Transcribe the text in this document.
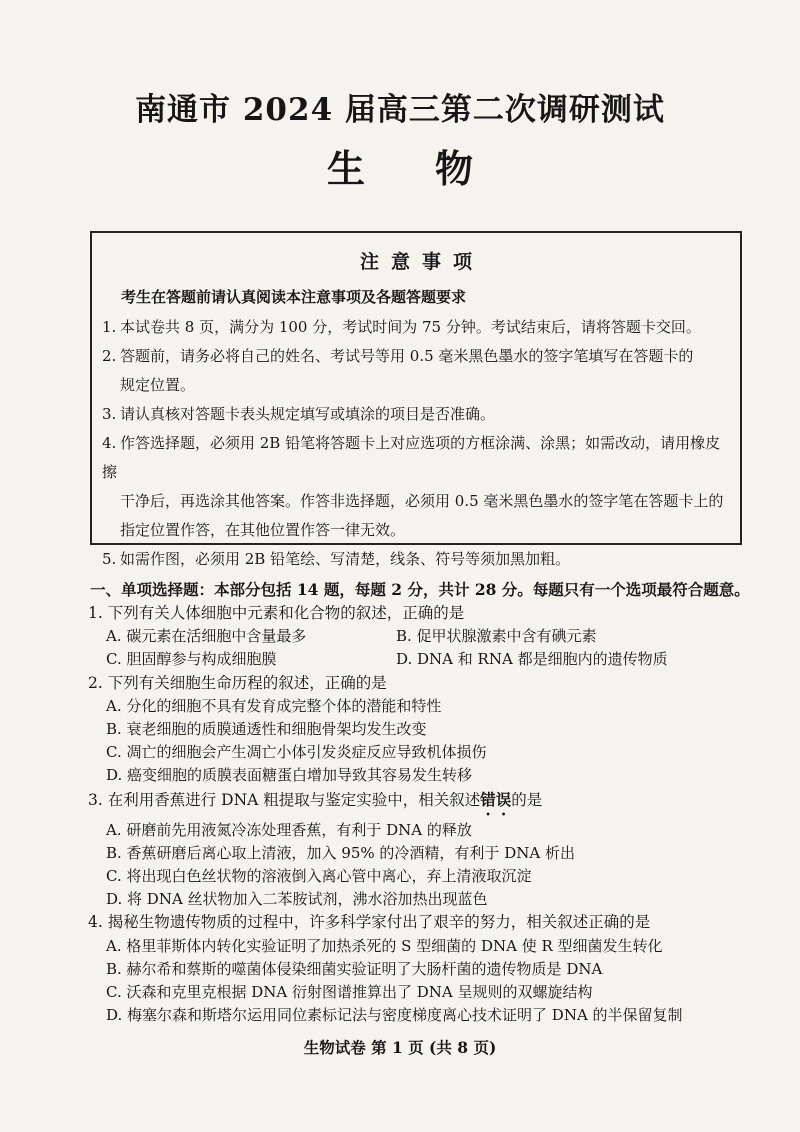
南通市 2024 届高三第二次调研测试
生物
注意事项
考生在答题前请认真阅读本注意事项及各题答题要求
1. 本试卷共 8 页，满分为 100 分，考试时间为 75 分钟。考试结束后，请将答题卡交回。
2. 答题前，请务必将自己的姓名、考试号等用 0.5 毫米黑色墨水的签字笔填写在答题卡的
规定位置。
3. 请认真核对答题卡表头规定填写或填涂的项目是否准确。
4. 作答选择题，必须用 2B 铅笔将答题卡上对应选项的方框涂满、涂黑；如需改动，请用橡皮擦
干净后，再选涂其他答案。作答非选择题，必须用 0.5 毫米黑色墨水的签字笔在答题卡上的
指定位置作答，在其他位置作答一律无效。
5. 如需作图，必须用 2B 铅笔绘、写清楚，线条、符号等须加黑加粗。
一、单项选择题：本部分包括 14 题，每题 2 分，共计 28 分。每题只有一个选项最符合题意。
1. 下列有关人体细胞中元素和化合物的叙述，正确的是
A. 碳元素在活细胞中含量最多	B. 促甲状腺激素中含有碘元素
C. 胆固醇参与构成细胞膜	D. DNA 和 RNA 都是细胞内的遗传物质
2. 下列有关细胞生命历程的叙述，正确的是
A. 分化的细胞不具有发育成完整个体的潜能和特性
B. 衰老细胞的质膜通透性和细胞骨架均发生改变
C. 凋亡的细胞会产生凋亡小体引发炎症反应导致机体损伤
D. 癌变细胞的质膜表面糖蛋白增加导致其容易发生转移
3. 在利用香蕉进行 DNA 粗提取与鉴定实验中，相关叙述错误的是
A. 研磨前先用液氮冷冻处理香蕉，有利于 DNA 的释放
B. 香蕉研磨后离心取上清液，加入 95% 的冷酒精，有利于 DNA 析出
C. 将出现白色丝状物的溶液倒入离心管中离心，弃上清液取沉淀
D. 将 DNA 丝状物加入二苯胺试剂，沸水浴加热出现蓝色
4. 揭秘生物遗传物质的过程中，许多科学家付出了艰辛的努力，相关叙述正确的是
A. 格里菲斯体内转化实验证明了加热杀死的 S 型细菌的 DNA 使 R 型细菌发生转化
B. 赫尔希和蔡斯的噬菌体侵染细菌实验证明了大肠杆菌的遗传物质是 DNA
C. 沃森和克里克根据 DNA 衍射图谱推算出了 DNA 呈规则的双螺旋结构
D. 梅塞尔森和斯塔尔运用同位素标记法与密度梯度离心技术证明了 DNA 的半保留复制
生物试卷 第 1 页 (共 8 页)
